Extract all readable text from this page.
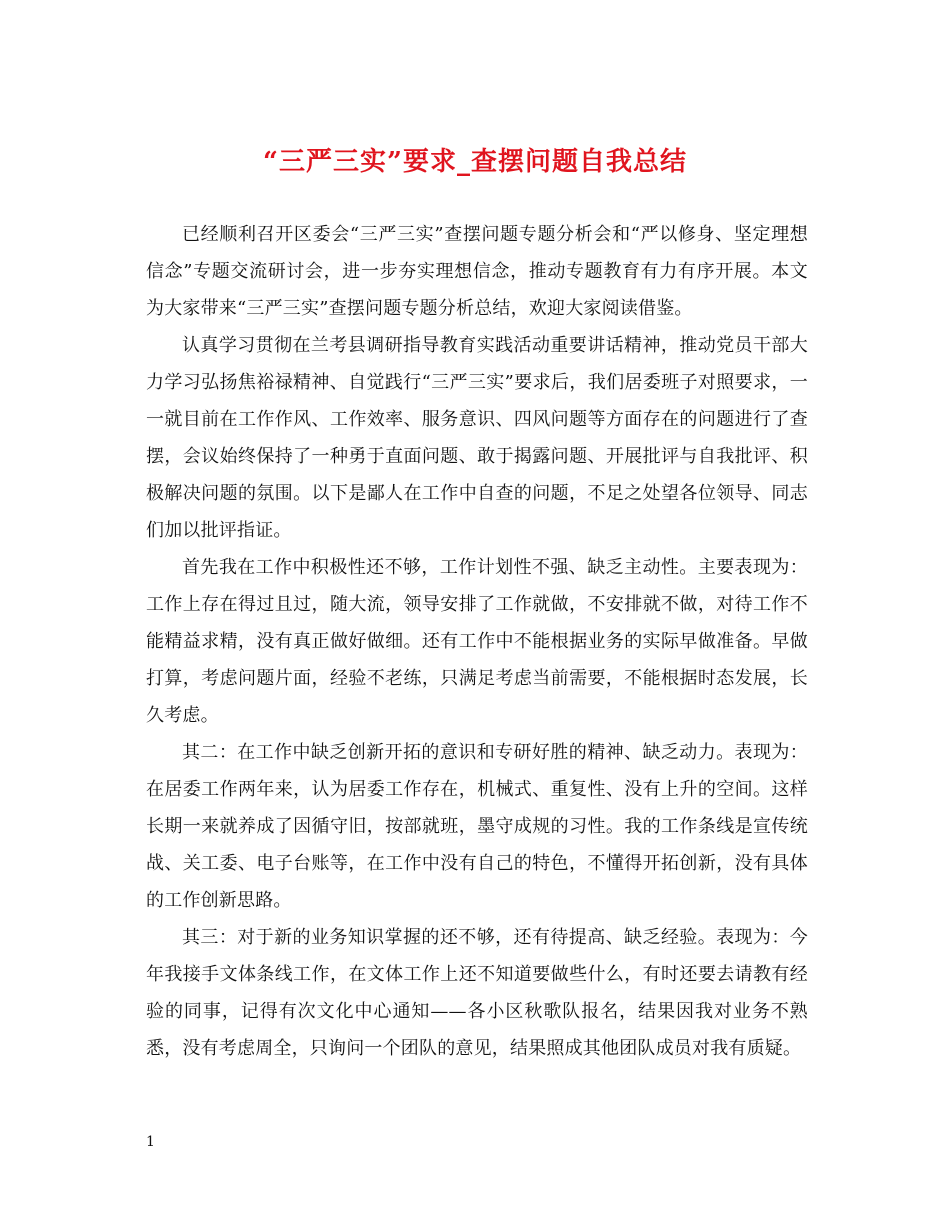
“三严三实”要求_查摆问题自我总结

已经顺利召开区委会“三严三实”查摆问题专题分析会和“严以修身、坚定理想信念”专题交流研讨会，进一步夯实理想信念，推动专题教育有力有序开展。本文为大家带来“三严三实”查摆问题专题分析总结，欢迎大家阅读借鉴。

认真学习贯彻在兰考县调研指导教育实践活动重要讲话精神，推动党员干部大力学习弘扬焦裕禄精神、自觉践行“三严三实”要求后，我们居委班子对照要求，一一就目前在工作作风、工作效率、服务意识、四风问题等方面存在的问题进行了查摆，会议始终保持了一种勇于直面问题、敢于揭露问题、开展批评与自我批评、积极解决问题的氛围。以下是鄙人在工作中自查的问题，不足之处望各位领导、同志们加以批评指证。

首先我在工作中积极性还不够，工作计划性不强、缺乏主动性。主要表现为：工作上存在得过且过，随大流，领导安排了工作就做，不安排就不做，对待工作不能精益求精，没有真正做好做细。还有工作中不能根据业务的实际早做准备。早做打算，考虑问题片面，经验不老练，只满足考虑当前需要，不能根据时态发展，长久考虑。

其二：在工作中缺乏创新开拓的意识和专研好胜的精神、缺乏动力。表现为：在居委工作两年来，认为居委工作存在，机械式、重复性、没有上升的空间。这样长期一来就养成了因循守旧，按部就班，墨守成规的习性。我的工作条线是宣传统战、关工委、电子台账等，在工作中没有自己的特色，不懂得开拓创新，没有具体的工作创新思路。

其三：对于新的业务知识掌握的还不够，还有待提高、缺乏经验。表现为：今年我接手文体条线工作，在文体工作上还不知道要做些什么，有时还要去请教有经验的同事，记得有次文化中心通知——各小区秋歌队报名，结果因我对业务不熟悉，没有考虑周全，只询问一个团队的意见，结果照成其他团队成员对我有质疑。

1
